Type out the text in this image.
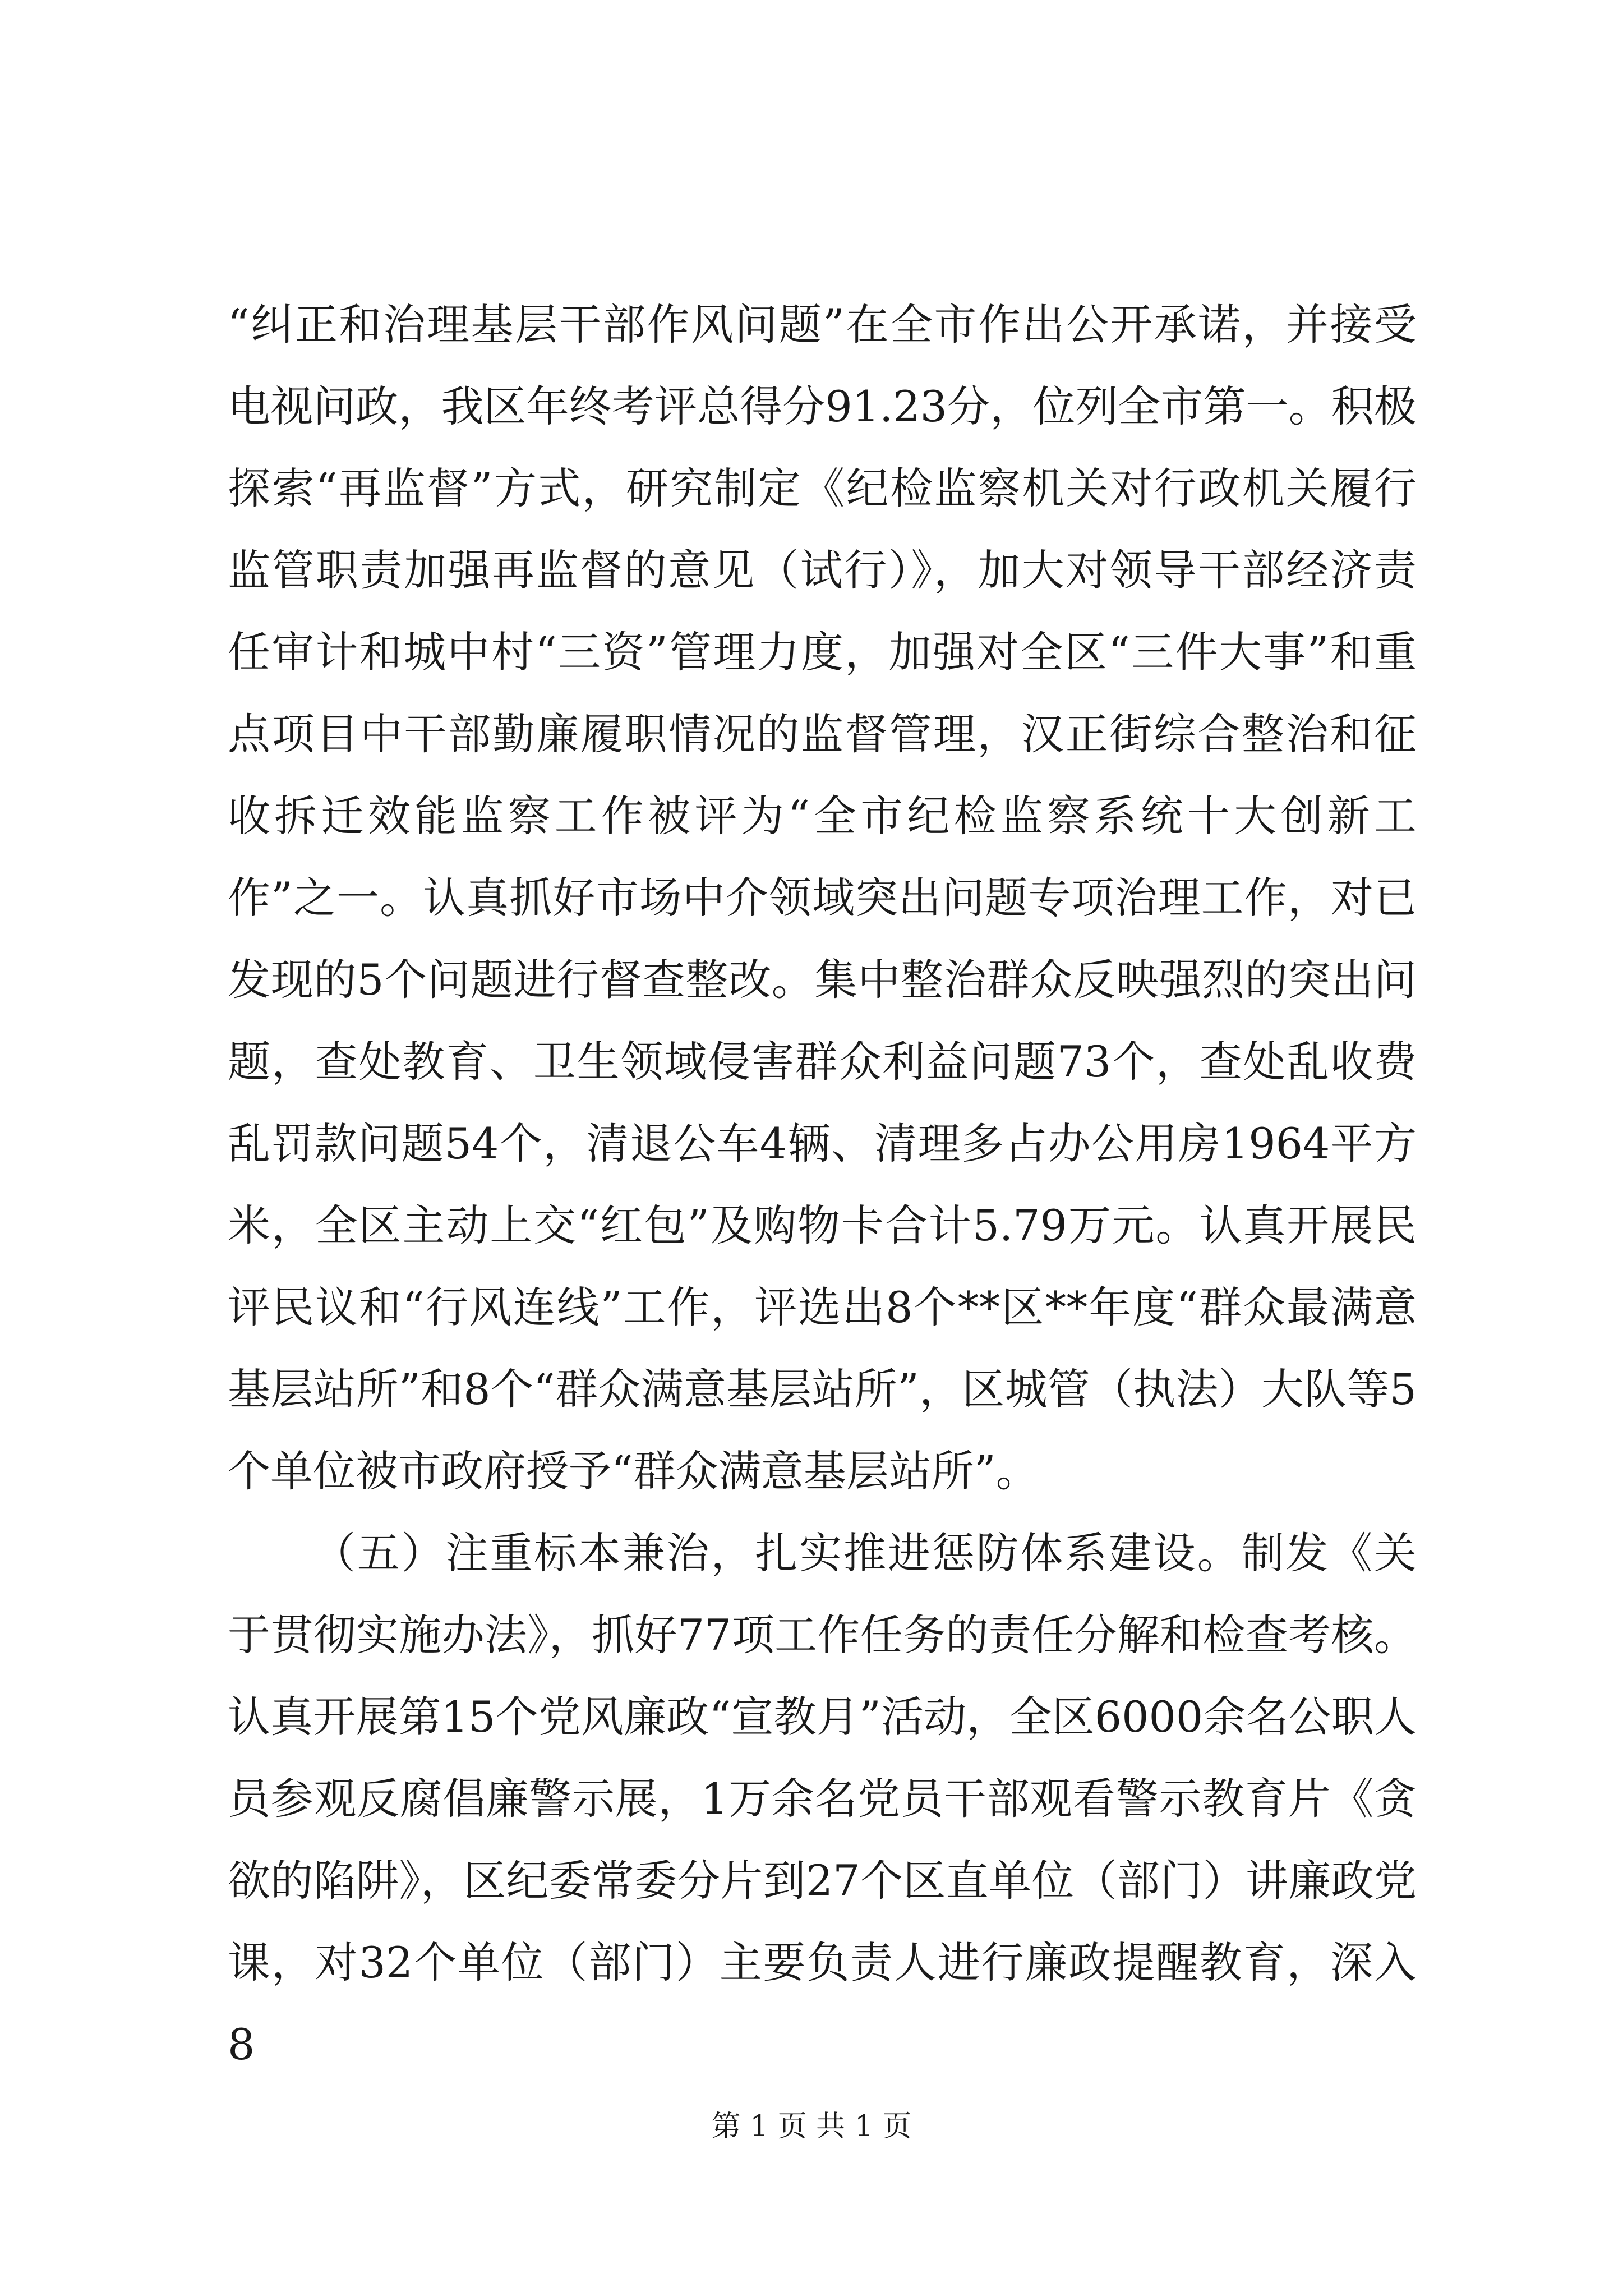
“纠正和治理基层干部作风问题”在全市作出公开承诺，并接受电视问政，我区年终考评总得分91.23分，位列全市第一。积极探索“再监督”方式，研究制定《纪检监察机关对行政机关履行监管职责加强再监督的意见（试行）》，加大对领导干部经济责任审计和城中村“三资”管理力度，加强对全区“三件大事”和重点项目中干部勤廉履职情况的监督管理，汉正街综合整治和征收拆迁效能监察工作被评为“全市纪检监察系统十大创新工作”之一。认真抓好市场中介领域突出问题专项治理工作，对已发现的5个问题进行督查整改。集中整治群众反映强烈的突出问题，查处教育、卫生领域侵害群众利益问题73个，查处乱收费乱罚款问题54个，清退公车4辆、清理多占办公用房1964平方米，全区主动上交“红包”及购物卡合计5.79万元。认真开展民评民议和“行风连线”工作，评选出8个**区**年度“群众最满意基层站所”和8个“群众满意基层站所”，区城管（执法）大队等5个单位被市政府授予“群众满意基层站所”。

（五）注重标本兼治，扎实推进惩防体系建设。制发《关于贯彻实施办法》，抓好77项工作任务的责任分解和检查考核。认真开展第15个党风廉政“宣教月”活动，全区6000余名公职人员参观反腐倡廉警示展，1万余名党员干部观看警示教育片《贪欲的陷阱》，区纪委常委分片到27个区直单位（部门）讲廉政党课，对32个单位（部门）主要负责人进行廉政提醒教育，深入8

第 1 页 共 1 页
